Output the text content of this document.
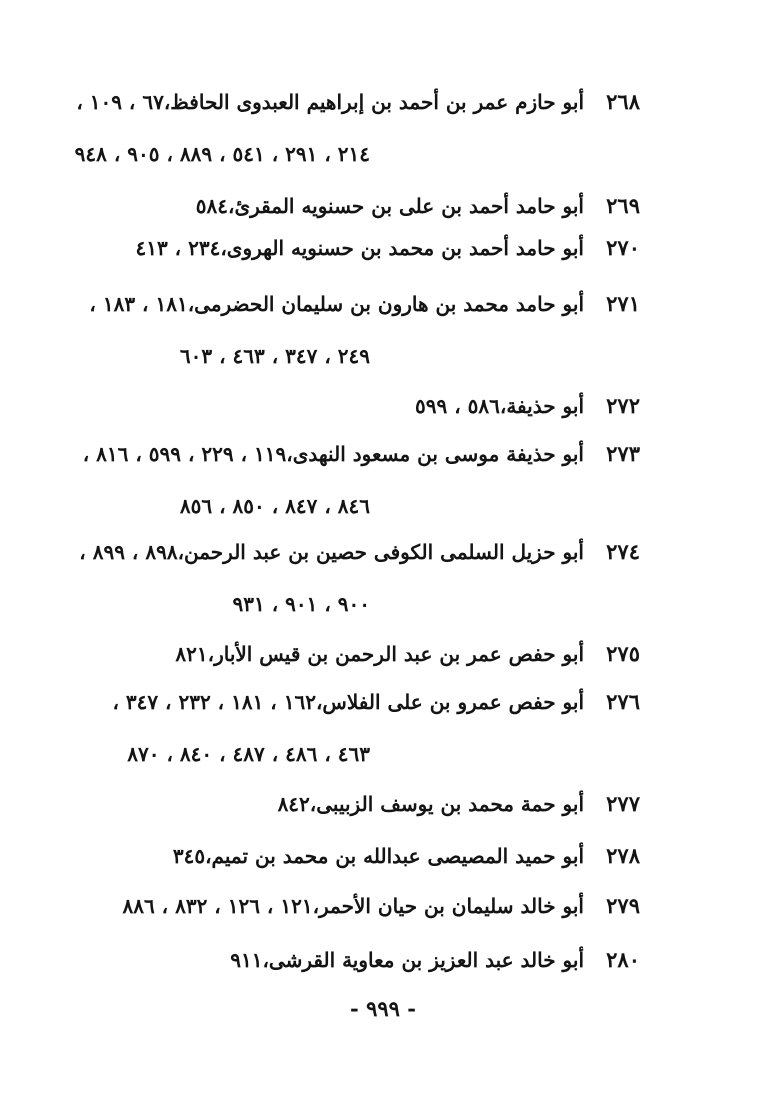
٢٦٨
أبو حازم عمر بن أحمد بن إبراهيم العبدوى الحافظ،٦٧ ، ١٠٩ ،
٢١٤ ، ٢٩١ ، ٥٤١ ، ٨٨٩ ، ٩٠٥ ، ٩٤٨
٢٦٩
أبو حامد أحمد بن على بن حسنويه المقرئ،٥٨٤
٢٧٠
أبو حامد أحمد بن محمد بن حسنويه الهروى،٢٣٤ ، ٤١٣
٢٧١
أبو حامد محمد بن هارون بن سليمان الحضرمى،١٨١ ، ١٨٣ ،
٢٤٩ ، ٣٤٧ ، ٤٦٣ ، ٦٠٣
٢٧٢
أبو حذيفة،٥٨٦ ، ٥٩٩
٢٧٣
أبو حذيفة موسى بن مسعود النهدى،١١٩ ، ٢٢٩ ، ٥٩٩ ، ٨١٦ ،
٨٤٦ ، ٨٤٧ ، ٨٥٠ ، ٨٥٦
٢٧٤
أبو حزيل السلمى الكوفى حصين بن عبد الرحمن،٨٩٨ ، ٨٩٩ ،
٩٠٠ ، ٩٠١ ، ٩٣١
٢٧٥
أبو حفص عمر بن عبد الرحمن بن قيس الأبار،٨٢١
٢٧٦
أبو حفص عمرو بن على الفلاس،١٦٢ ، ١٨١ ، ٢٣٢ ، ٣٤٧ ،
٤٦٣ ، ٤٨٦ ، ٤٨٧ ، ٨٤٠ ، ٨٧٠
٢٧٧
أبو حمة محمد بن يوسف الزبيبى،٨٤٢
٢٧٨
أبو حميد المصيصى عبدالله بن محمد بن تميم،٣٤٥
٢٧٩
أبو خالد سليمان بن حيان الأحمر،١٢١ ، ١٢٦ ، ٨٣٢ ، ٨٨٦
٢٨٠
أبو خالد عبد العزيز بن معاوية القرشى،٩١١
- ٩٩٩ -
